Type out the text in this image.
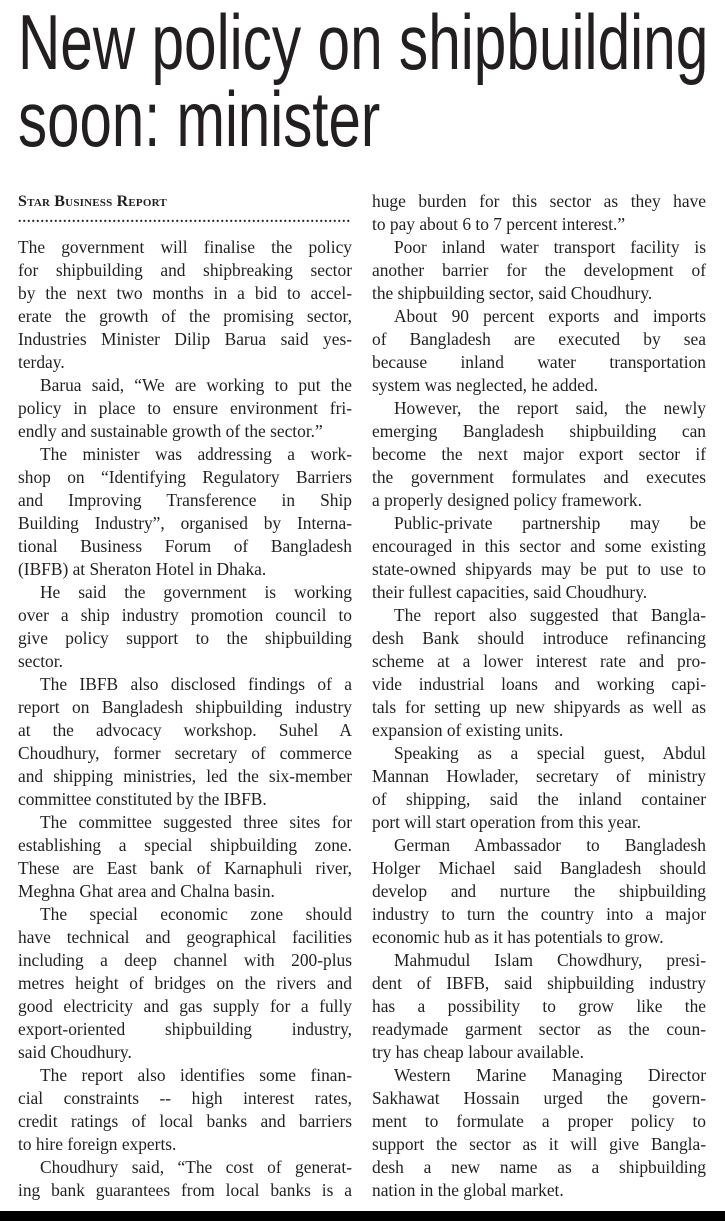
New policy on shipbuilding
soon: minister
Star Business Report
..........................................................................
The government will finalise the policy
for shipbuilding and shipbreaking sector
by the next two months in a bid to accel-
erate the growth of the promising sector,
Industries Minister Dilip Barua said yes-
terday.
Barua said, “We are working to put the
policy in place to ensure environment fri-
endly and sustainable growth of the sector.”
The minister was addressing a work-
shop on “Identifying Regulatory Barriers
and Improving Transference in Ship
Building Industry”, organised by Interna-
tional Business Forum of Bangladesh
(IBFB) at Sheraton Hotel in Dhaka.
He said the government is working
over a ship industry promotion council to
give policy support to the shipbuilding
sector.
The IBFB also disclosed findings of a
report on Bangladesh shipbuilding industry
at the advocacy workshop. Suhel A
Choudhury, former secretary of commerce
and shipping ministries, led the six-member
committee constituted by the IBFB.
The committee suggested three sites for
establishing a special shipbuilding zone.
These are East bank of Karnaphuli river,
Meghna Ghat area and Chalna basin.
The special economic zone should
have technical and geographical facilities
including a deep channel with 200-plus
metres height of bridges on the rivers and
good electricity and gas supply for a fully
export-oriented shipbuilding industry,
said Choudhury.
The report also identifies some finan-
cial constraints -- high interest rates,
credit ratings of local banks and barriers
to hire foreign experts.
Choudhury said, “The cost of generat-
ing bank guarantees from local banks is a
huge burden for this sector as they have
to pay about 6 to 7 percent interest.”
Poor inland water transport facility is
another barrier for the development of
the shipbuilding sector, said Choudhury.
About 90 percent exports and imports
of Bangladesh are executed by sea
because inland water transportation
system was neglected, he added.
However, the report said, the newly
emerging Bangladesh shipbuilding can
become the next major export sector if
the government formulates and executes
a properly designed policy framework.
Public-private partnership may be
encouraged in this sector and some existing
state-owned shipyards may be put to use to
their fullest capacities, said Choudhury.
The report also suggested that Bangla-
desh Bank should introduce refinancing
scheme at a lower interest rate and pro-
vide industrial loans and working capi-
tals for setting up new shipyards as well as
expansion of existing units.
Speaking as a special guest, Abdul
Mannan Howlader, secretary of ministry
of shipping, said the inland container
port will start operation from this year.
German Ambassador to Bangladesh
Holger Michael said Bangladesh should
develop and nurture the shipbuilding
industry to turn the country into a major
economic hub as it has potentials to grow.
Mahmudul Islam Chowdhury, presi-
dent of IBFB, said shipbuilding industry
has a possibility to grow like the
readymade garment sector as the coun-
try has cheap labour available.
Western Marine Managing Director
Sakhawat Hossain urged the govern-
ment to formulate a proper policy to
support the sector as it will give Bangla-
desh a new name as a shipbuilding
nation in the global market.
